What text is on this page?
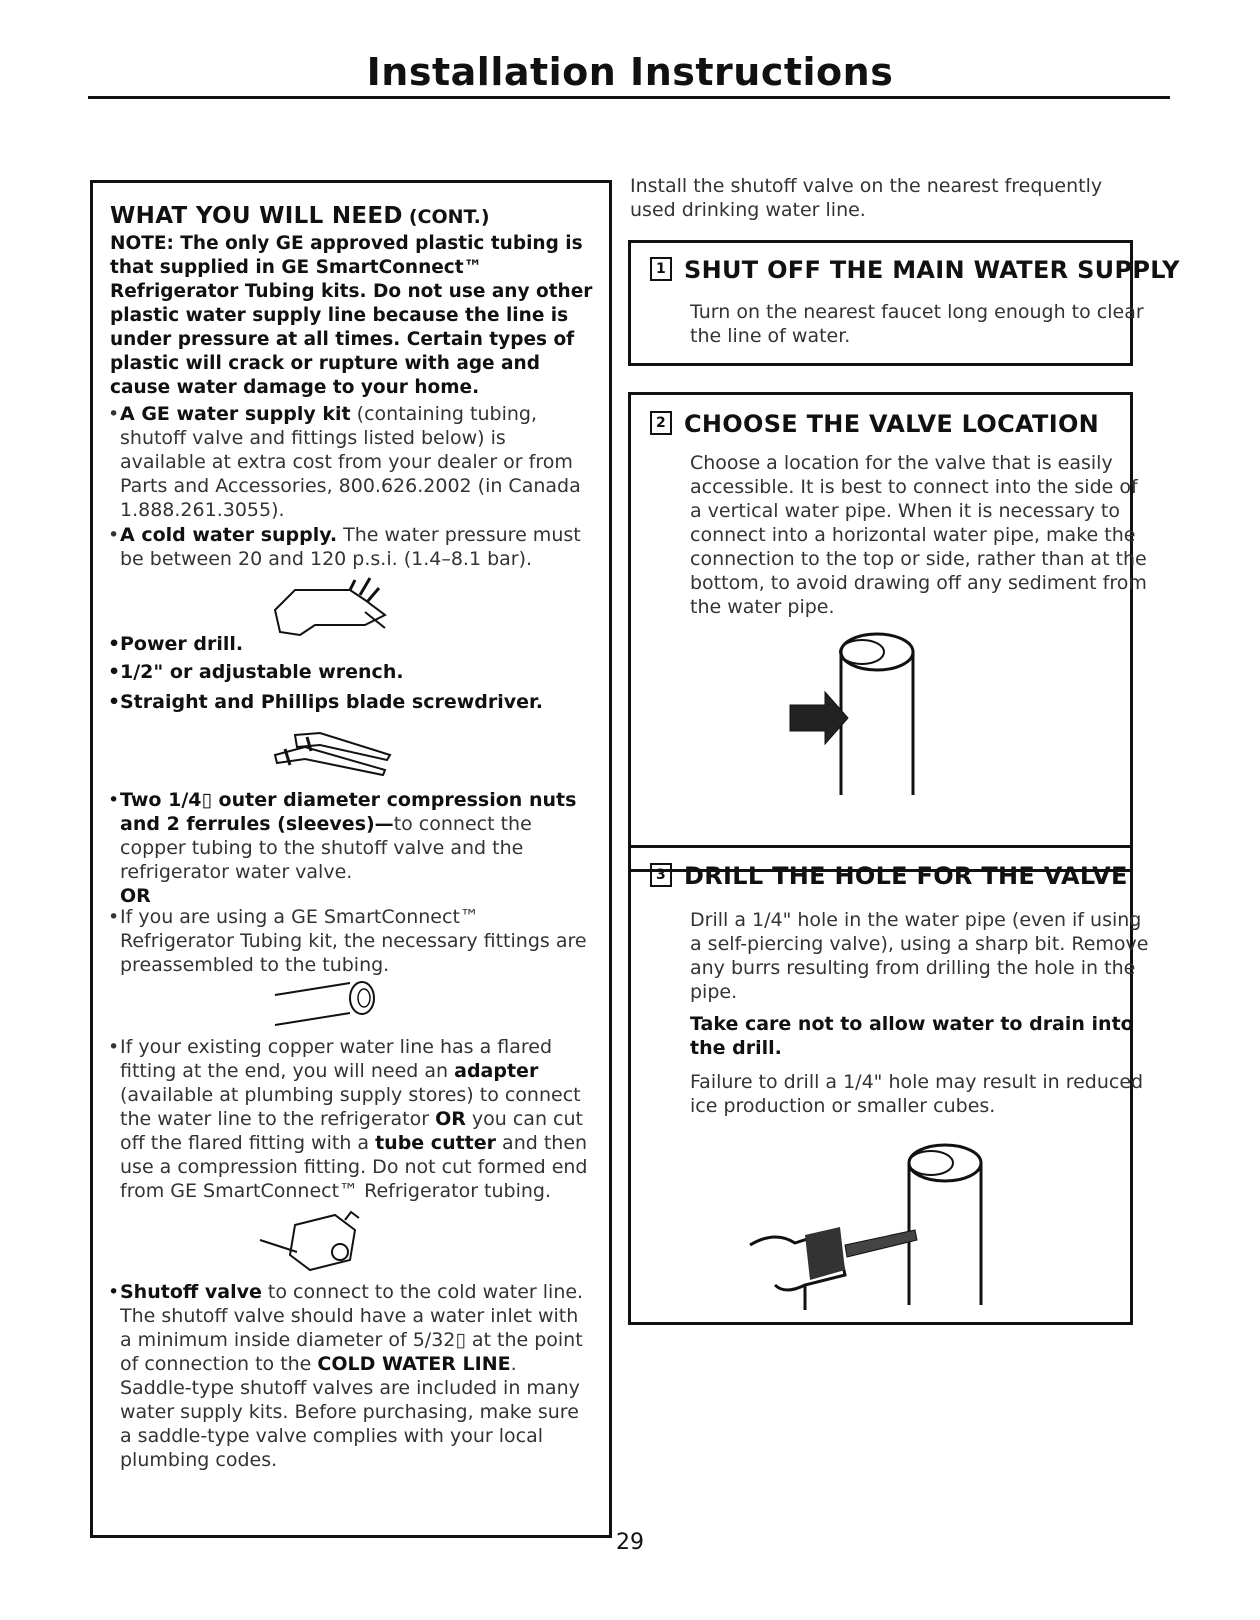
Installation Instructions
WHAT YOU WILL NEED (CONT.)
NOTE: The only GE approved plastic tubing is that supplied in GE SmartConnect™ Refrigerator Tubing kits. Do not use any other plastic water supply line because the line is under pressure at all times. Certain types of plastic will crack or rupture with age and cause water damage to your home.
• A GE water supply kit (containing tubing, shutoff valve and fittings listed below) is available at extra cost from your dealer or from Parts and Accessories, 800.626.2002 (in Canada 1.888.261.3055).
• A cold water supply. The water pressure must be between 20 and 120 p.s.i. (1.4–8.1 bar).
• Power drill.
• 1/2" or adjustable wrench.
• Straight and Phillips blade screwdriver.
• Two 1/4▯ outer diameter compression nuts and 2 ferrules (sleeves)—to connect the copper tubing to the shutoff valve and the refrigerator water valve.
OR
• If you are using a GE SmartConnect™ Refrigerator Tubing kit, the necessary fittings are preassembled to the tubing.
• If your existing copper water line has a flared fitting at the end, you will need an adapter (available at plumbing supply stores) to connect the water line to the refrigerator OR you can cut off the flared fitting with a tube cutter and then use a compression fitting. Do not cut formed end from GE SmartConnect™ Refrigerator tubing.
• Shutoff valve to connect to the cold water line. The shutoff valve should have a water inlet with a minimum inside diameter of 5/32▯ at the point of connection to the COLD WATER LINE. Saddle-type shutoff valves are included in many water supply kits. Before purchasing, make sure a saddle-type valve complies with your local plumbing codes.
Install the shutoff valve on the nearest frequently used drinking water line.
1 SHUT OFF THE MAIN WATER SUPPLY
Turn on the nearest faucet long enough to clear the line of water.
2 CHOOSE THE VALVE LOCATION
Choose a location for the valve that is easily accessible. It is best to connect into the side of a vertical water pipe. When it is necessary to connect into a horizontal water pipe, make the connection to the top or side, rather than at the bottom, to avoid drawing off any sediment from the water pipe.
3 DRILL THE HOLE FOR THE VALVE
Drill a 1/4" hole in the water pipe (even if using a self-piercing valve), using a sharp bit. Remove any burrs resulting from drilling the hole in the pipe.
Take care not to allow water to drain into the drill.
Failure to drill a 1/4" hole may result in reduced ice production or smaller cubes.
29
